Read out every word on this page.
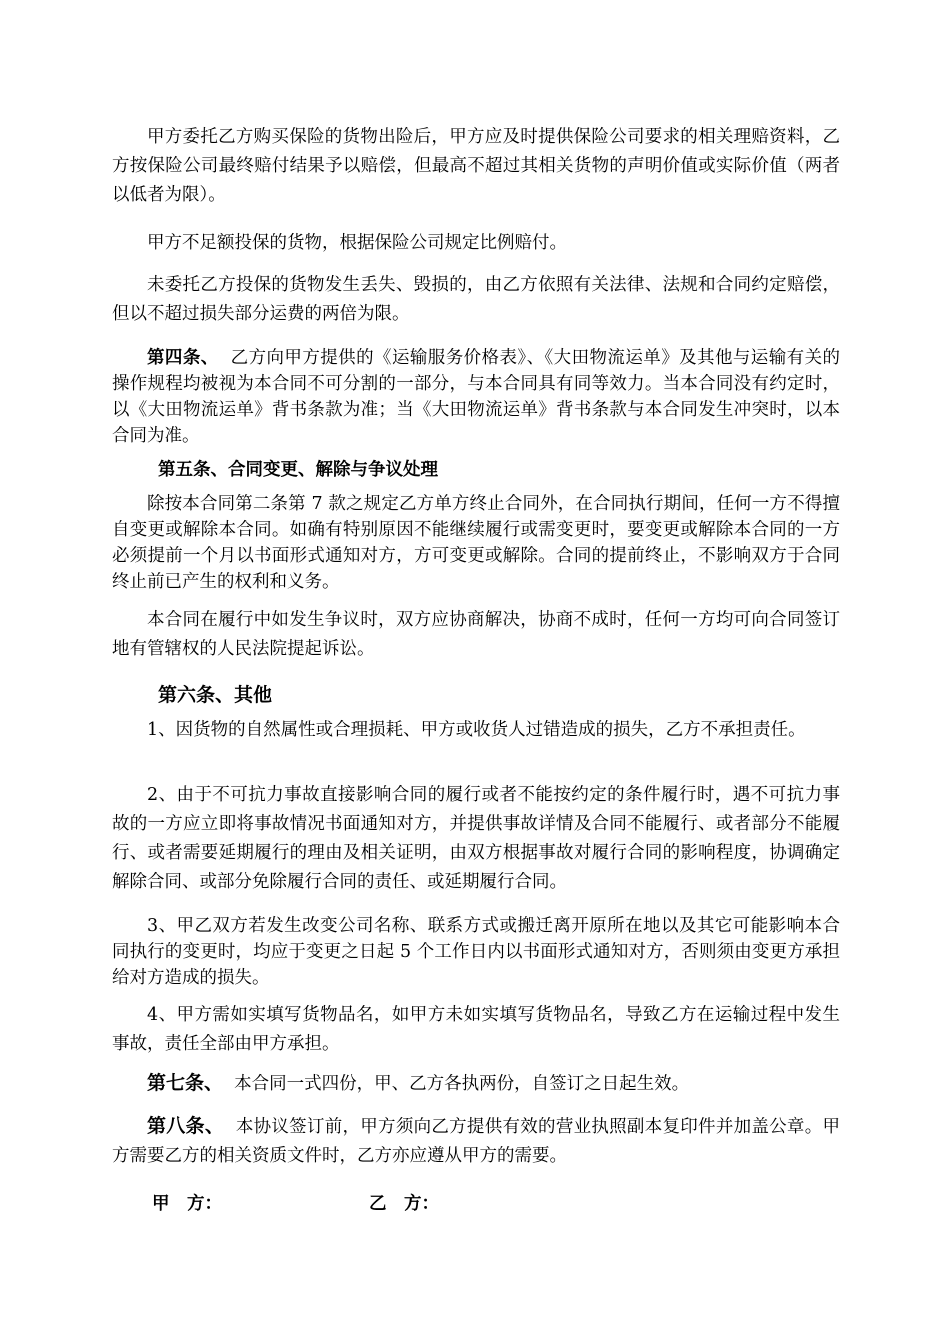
甲方委托乙方购买保险的货物出险后，甲方应及时提供保险公司要求的相关理赔资料，乙方按保险公司最终赔付结果予以赔偿，但最高不超过其相关货物的声明价值或实际价值（两者以低者为限）。

甲方不足额投保的货物，根据保险公司规定比例赔付。

未委托乙方投保的货物发生丢失、毁损的，由乙方依照有关法律、法规和合同约定赔偿，但以不超过损失部分运费的两倍为限。

第四条、 乙方向甲方提供的《运输服务价格表》、《大田物流运单》及其他与运输有关的操作规程均被视为本合同不可分割的一部分，与本合同具有同等效力。当本合同没有约定时，以《大田物流运单》背书条款为准；当《大田物流运单》背书条款与本合同发生冲突时，以本合同为准。

第五条、合同变更、解除与争议处理

除按本合同第二条第 7 款之规定乙方单方终止合同外，在合同执行期间，任何一方不得擅自变更或解除本合同。如确有特别原因不能继续履行或需变更时，要变更或解除本合同的一方必须提前一个月以书面形式通知对方，方可变更或解除。合同的提前终止，不影响双方于合同终止前已产生的权利和义务。

本合同在履行中如发生争议时，双方应协商解决，协商不成时，任何一方均可向合同签订地有管辖权的人民法院提起诉讼。

第六条、其他

1、因货物的自然属性或合理损耗、甲方或收货人过错造成的损失，乙方不承担责任。

2、由于不可抗力事故直接影响合同的履行或者不能按约定的条件履行时，遇不可抗力事故的一方应立即将事故情况书面通知对方，并提供事故详情及合同不能履行、或者部分不能履行、或者需要延期履行的理由及相关证明，由双方根据事故对履行合同的影响程度，协调确定解除合同、或部分免除履行合同的责任、或延期履行合同。

3、甲乙双方若发生改变公司名称、联系方式或搬迁离开原所在地以及其它可能影响本合同执行的变更时，均应于变更之日起 5 个工作日内以书面形式通知对方，否则须由变更方承担给对方造成的损失。

4、甲方需如实填写货物品名，如甲方未如实填写货物品名，导致乙方在运输过程中发生事故，责任全部由甲方承担。

第七条、 本合同一式四份，甲、乙方各执两份，自签订之日起生效。

第八条、 本协议签订前，甲方须向乙方提供有效的营业执照副本复印件并加盖公章。甲方需要乙方的相关资质文件时，乙方亦应遵从甲方的需要。

甲　方：	乙　方：
